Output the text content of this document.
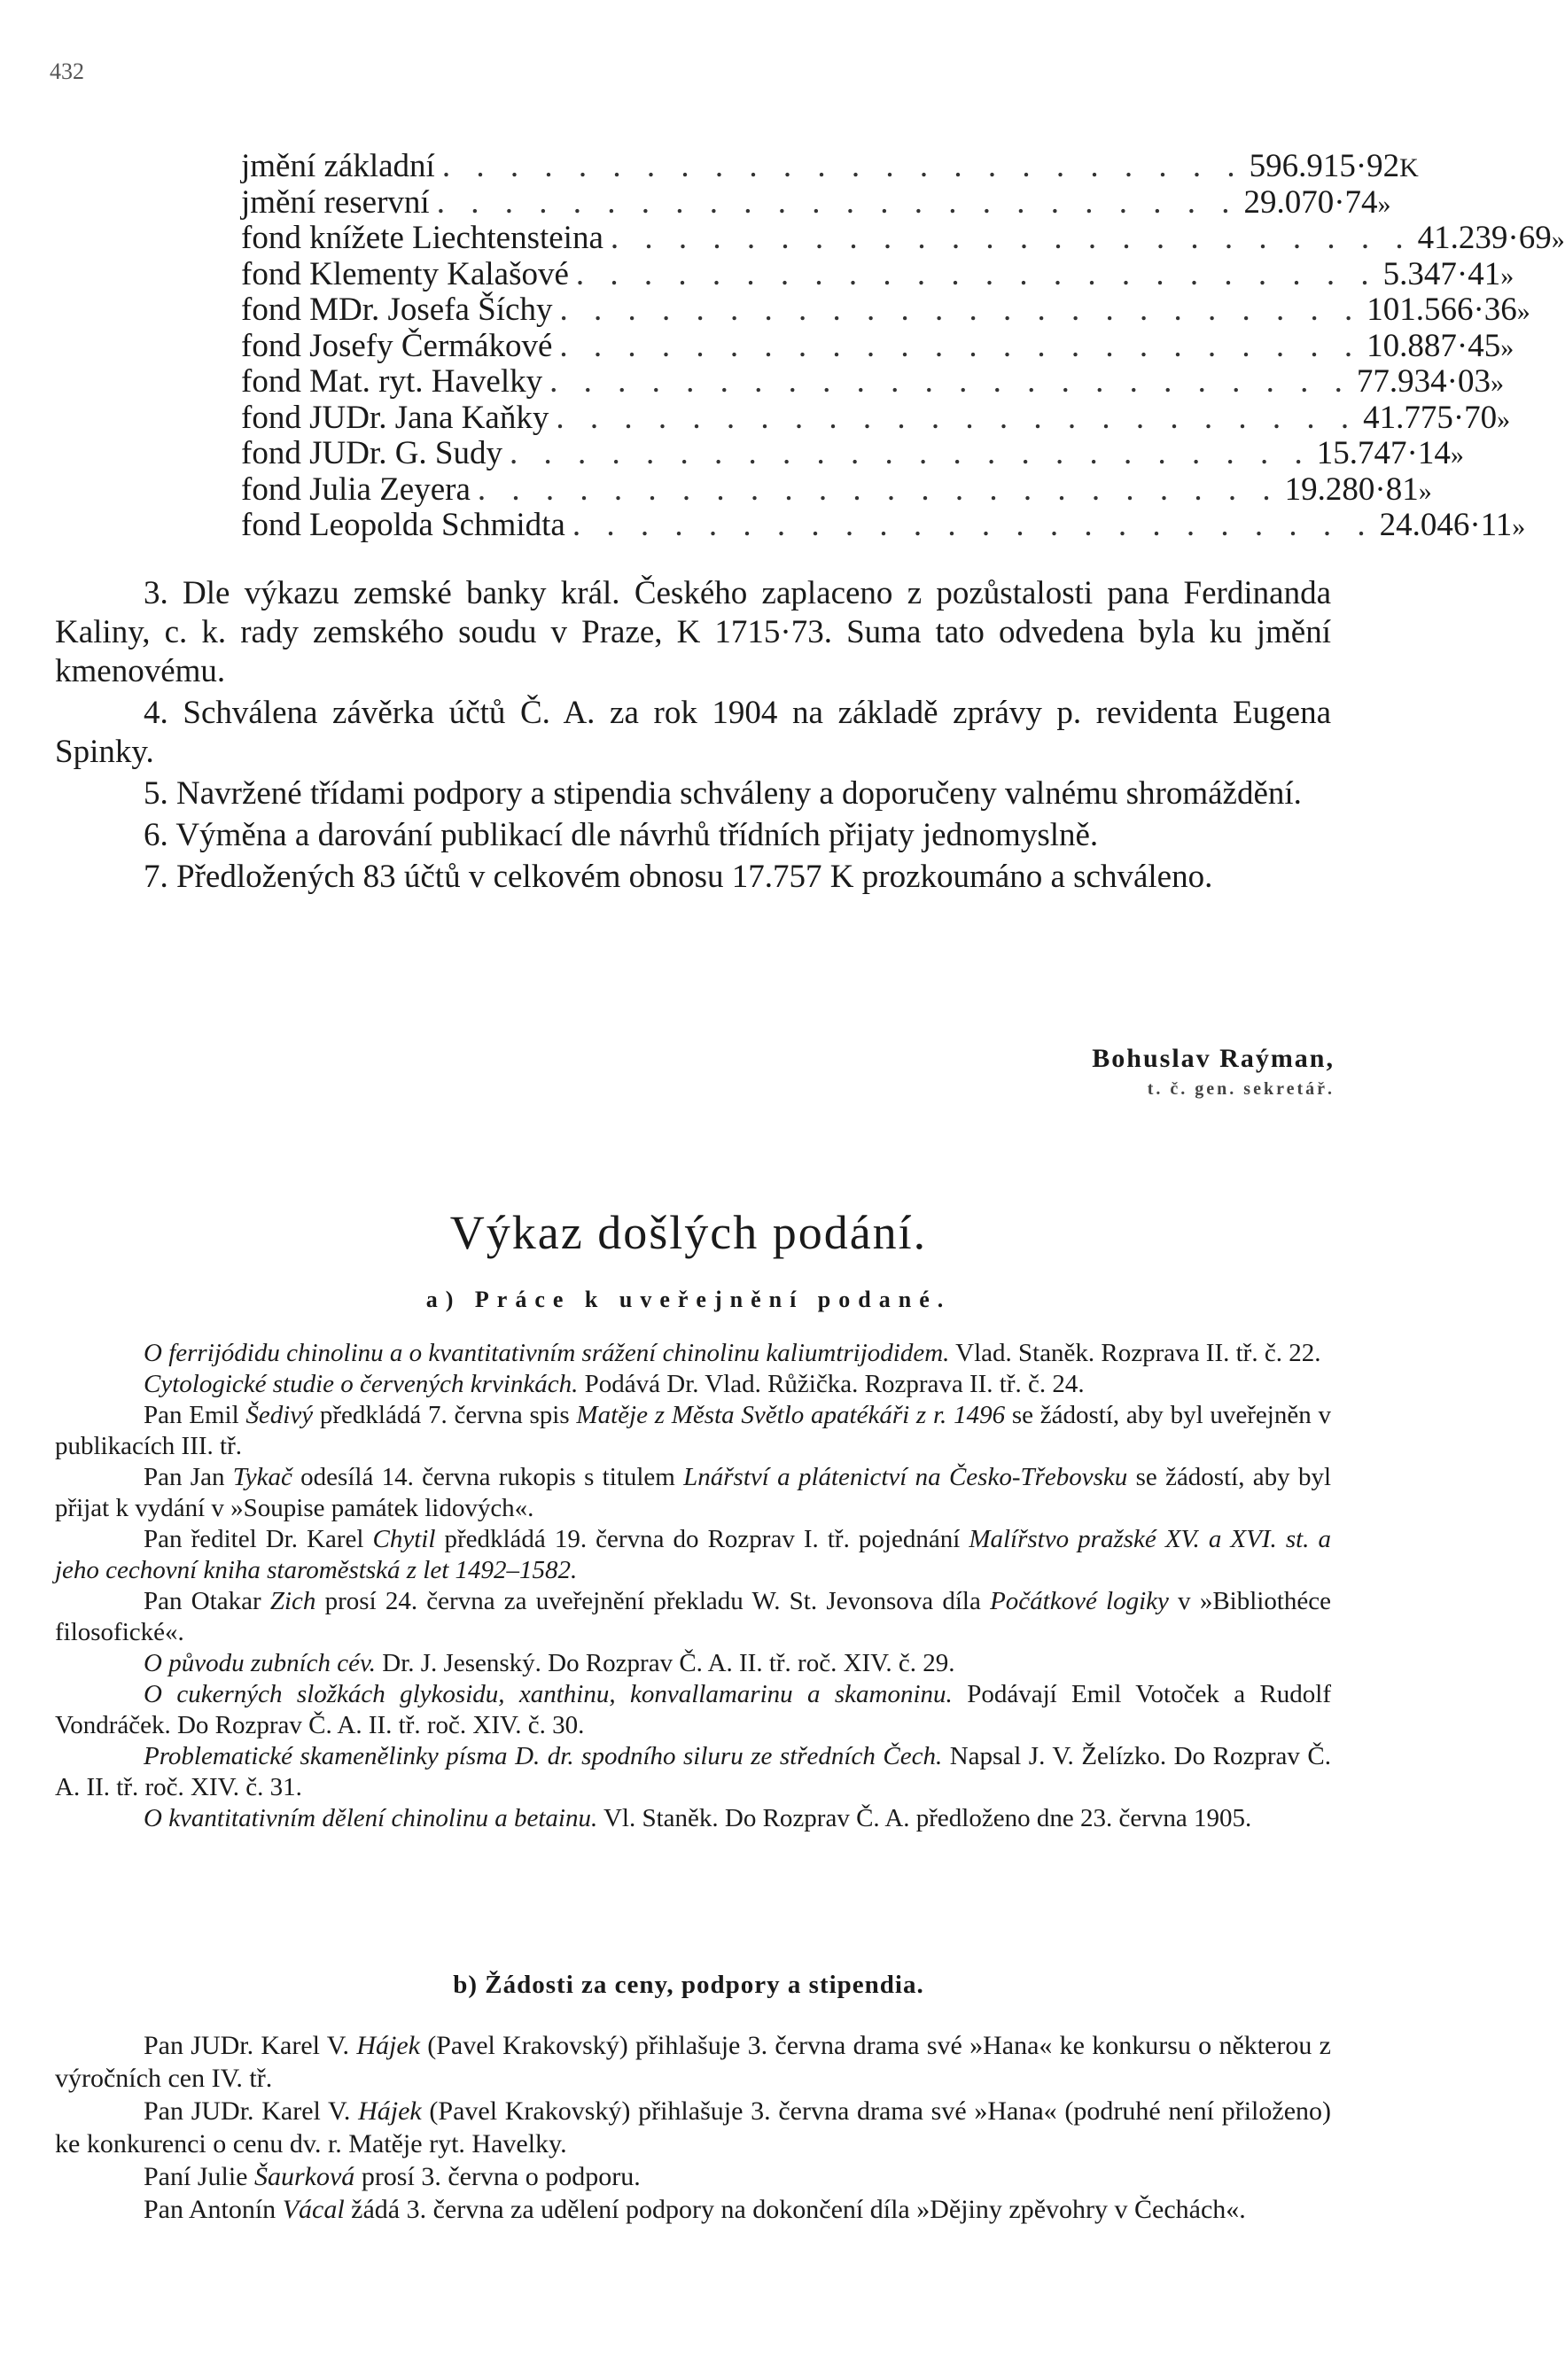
432
jmění základní . . . . . . . . . . . . . . . . . . . . . . . . 596.915·92 K
jmění reservní . . . . . . . . . . . . . . . . . . . . . . . . 29.070·74 »
fond knížete Liechtensteina . . . . . . . . . . . . . . . . . . . . . . . . 41.239·69 »
fond Klementy Kalašové . . . . . . . . . . . . . . . . . . . . . . . . 5.347·41 »
fond MDr. Josefa Šíchy . . . . . . . . . . . . . . . . . . . . . . . . 101.566·36 »
fond Josefy Čermákové . . . . . . . . . . . . . . . . . . . . . . . . 10.887·45 »
fond Mat. ryt. Havelky . . . . . . . . . . . . . . . . . . . . . . . . 77.934·03 »
fond JUDr. Jana Kaňky . . . . . . . . . . . . . . . . . . . . . . . . 41.775·70 »
fond JUDr. G. Sudy . . . . . . . . . . . . . . . . . . . . . . . . 15.747·14 »
fond Julia Zeyera . . . . . . . . . . . . . . . . . . . . . . . . 19.280·81 »
fond Leopolda Schmidta . . . . . . . . . . . . . . . . . . . . . . . . 24.046·11 »

3. Dle výkazu zemské banky král. Českého zaplaceno z pozůstalosti pana Ferdinanda Kaliny, c. k. rady zemského soudu v Praze, K 1715·73. Suma tato odvedena byla ku jmění kmenovému.

4. Schválena závěrka účtů Č. A. za rok 1904 na základě zprávy p. revidenta Eugena Spinky.

5. Navržené třídami podpory a stipendia schváleny a doporučeny valnému shromáždění.

6. Výměna a darování publikací dle návrhů třídních přijaty jednomyslně.

7. Předložených 83 účtů v celkovém obnosu 17.757 K prozkoumáno a schváleno.

Bohuslav Raýman,
t. č. gen. sekretář.
Výkaz došlých podání.
a) Práce k uveřejnění podané.

O ferrijódidu chinolinu a o kvantitativním srážení chinolinu kaliumtrijodidem. Vlad. Staněk. Rozprava II. tř. č. 22.

Cytologické studie o červených krvinkách. Podává Dr. Vlad. Růžička. Rozprava II. tř. č. 24.

Pan Emil Šedivý předkládá 7. června spis Matěje z Města Světlo apatékáři z r. 1496 se žádostí, aby byl uveřejněn v publikacích III. tř.

Pan Jan Tykač odesílá 14. června rukopis s titulem Lnářství a plátenictví na Česko-Třebovsku se žádostí, aby byl přijat k vydání v »Soupise památek lidových«.

Pan ředitel Dr. Karel Chytil předkládá 19. června do Rozprav I. tř. pojednání Malířstvo pražské XV. a XVI. st. a jeho cechovní kniha staroměstská z let 1492–1582.

Pan Otakar Zich prosí 24. června za uveřejnění překladu W. St. Jevonsova díla Počátkové logiky v »Bibliothéce filosofické«.

O původu zubních cév. Dr. J. Jesenský. Do Rozprav Č. A. II. tř. roč. XIV. č. 29.

O cukerných složkách glykosidu, xanthinu, konvallamarinu a skamoninu. Podávají Emil Votoček a Rudolf Vondráček. Do Rozprav Č. A. II. tř. roč. XIV. č. 30.

Problematické skamenělinky písma D. dr. spodního siluru ze středních Čech. Napsal J. V. Želízko. Do Rozprav Č. A. II. tř. roč. XIV. č. 31.

O kvantitativním dělení chinolinu a betainu. Vl. Staněk. Do Rozprav Č. A. předloženo dne 23. června 1905.

b) Žádosti za ceny, podpory a stipendia.

Pan JUDr. Karel V. Hájek (Pavel Krakovský) přihlašuje 3. června drama své »Hana« ke konkursu o některou z výročních cen IV. tř.

Pan JUDr. Karel V. Hájek (Pavel Krakovský) přihlašuje 3. června drama své »Hana« (podruhé není přiloženo) ke konkurenci o cenu dv. r. Matěje ryt. Havelky.

Paní Julie Šaurková prosí 3. června o podporu.

Pan Antonín Vácal žádá 3. června za udělení podpory na dokončení díla »Dějiny zpěvohry v Čechách«.
